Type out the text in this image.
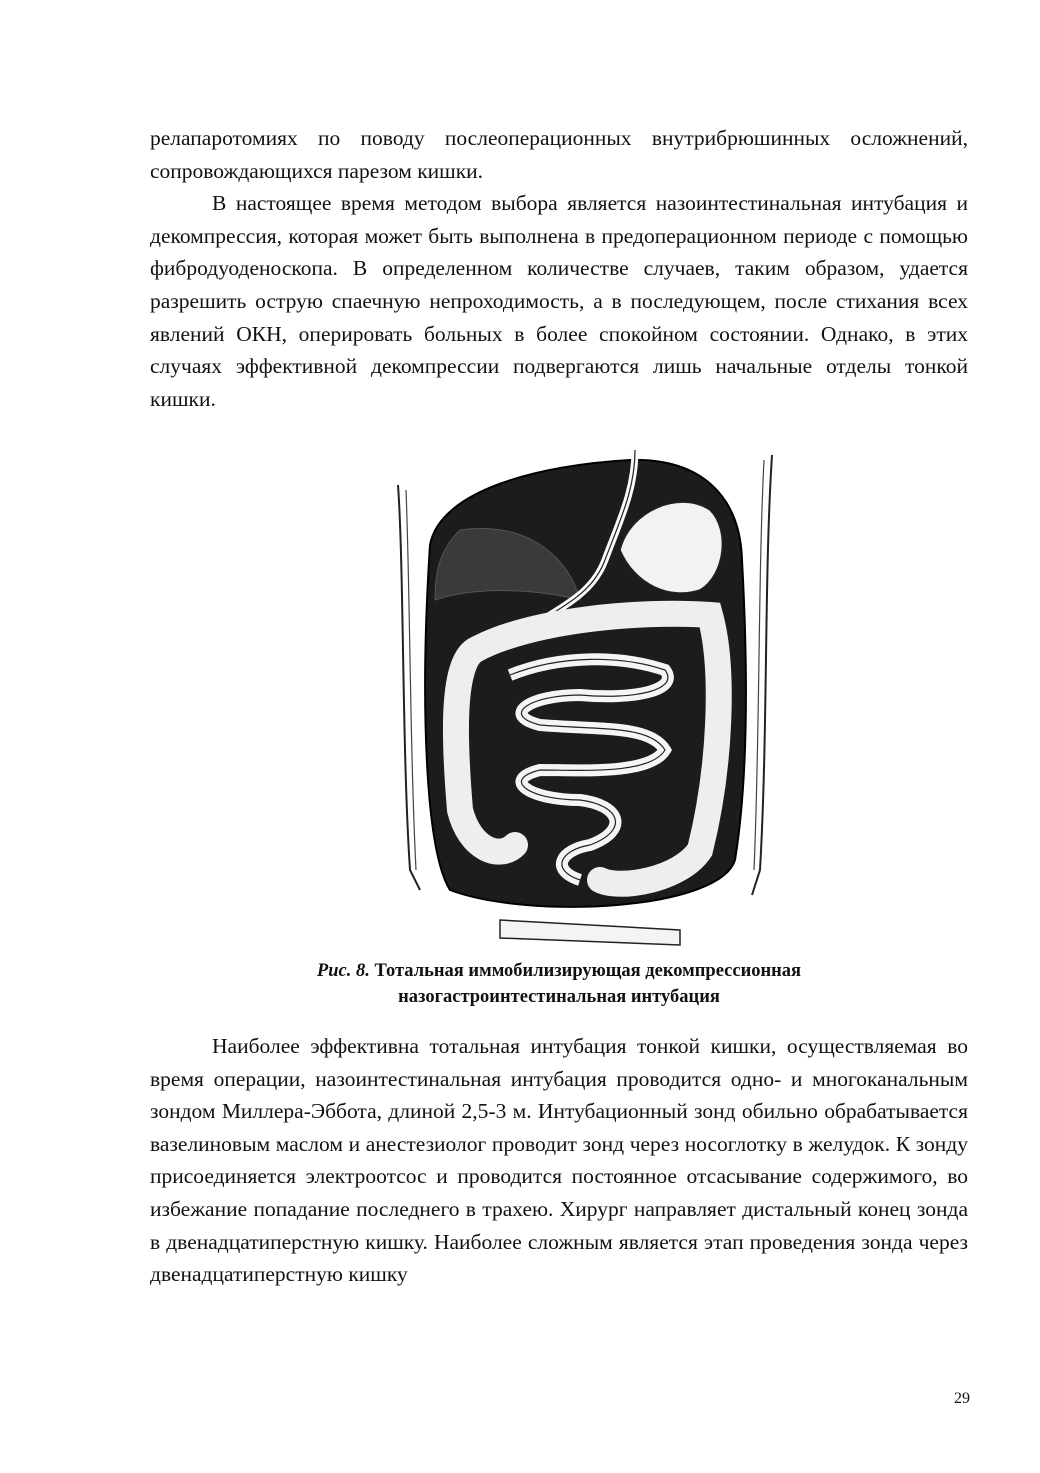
релапаротомиях по поводу послеоперационных внутрибрюшинных осложнений, сопровождающихся парезом кишки.

В настоящее время методом выбора является назоинтестинальная интубация и декомпрессия, которая может быть выполнена в предоперационном периоде с помощью фибродуоденоскопа. В определенном количестве случаев, таким образом, удается разрешить острую спаечную непроходимость, а в последующем, после стихания всех явлений ОКН, оперировать больных в более спокойном состоянии. Однако, в этих случаях эффективной декомпрессии подвергаются лишь начальные отделы тонкой кишки.

Рис. 8. Тотальная иммобилизирующая декомпрессионная
назогастроинтестинальная интубация

Наиболее эффективна тотальная интубация тонкой кишки, осуществляемая во время операции, назоинтестинальная интубация проводится одно- и многоканальным зондом Миллера-Эббота, длиной 2,5-3 м. Интубационный зонд обильно обрабатывается вазелиновым маслом и анестезиолог проводит зонд через носоглотку в желудок. К зонду присоединяется электроотсос и проводится постоянное отсасывание содержимого, во избежание попадание последнего в трахею. Хирург направляет дистальный конец зонда в двенадцатиперстную кишку. Наиболее сложным является этап проведения зонда через двенадцатиперстную кишку

29
